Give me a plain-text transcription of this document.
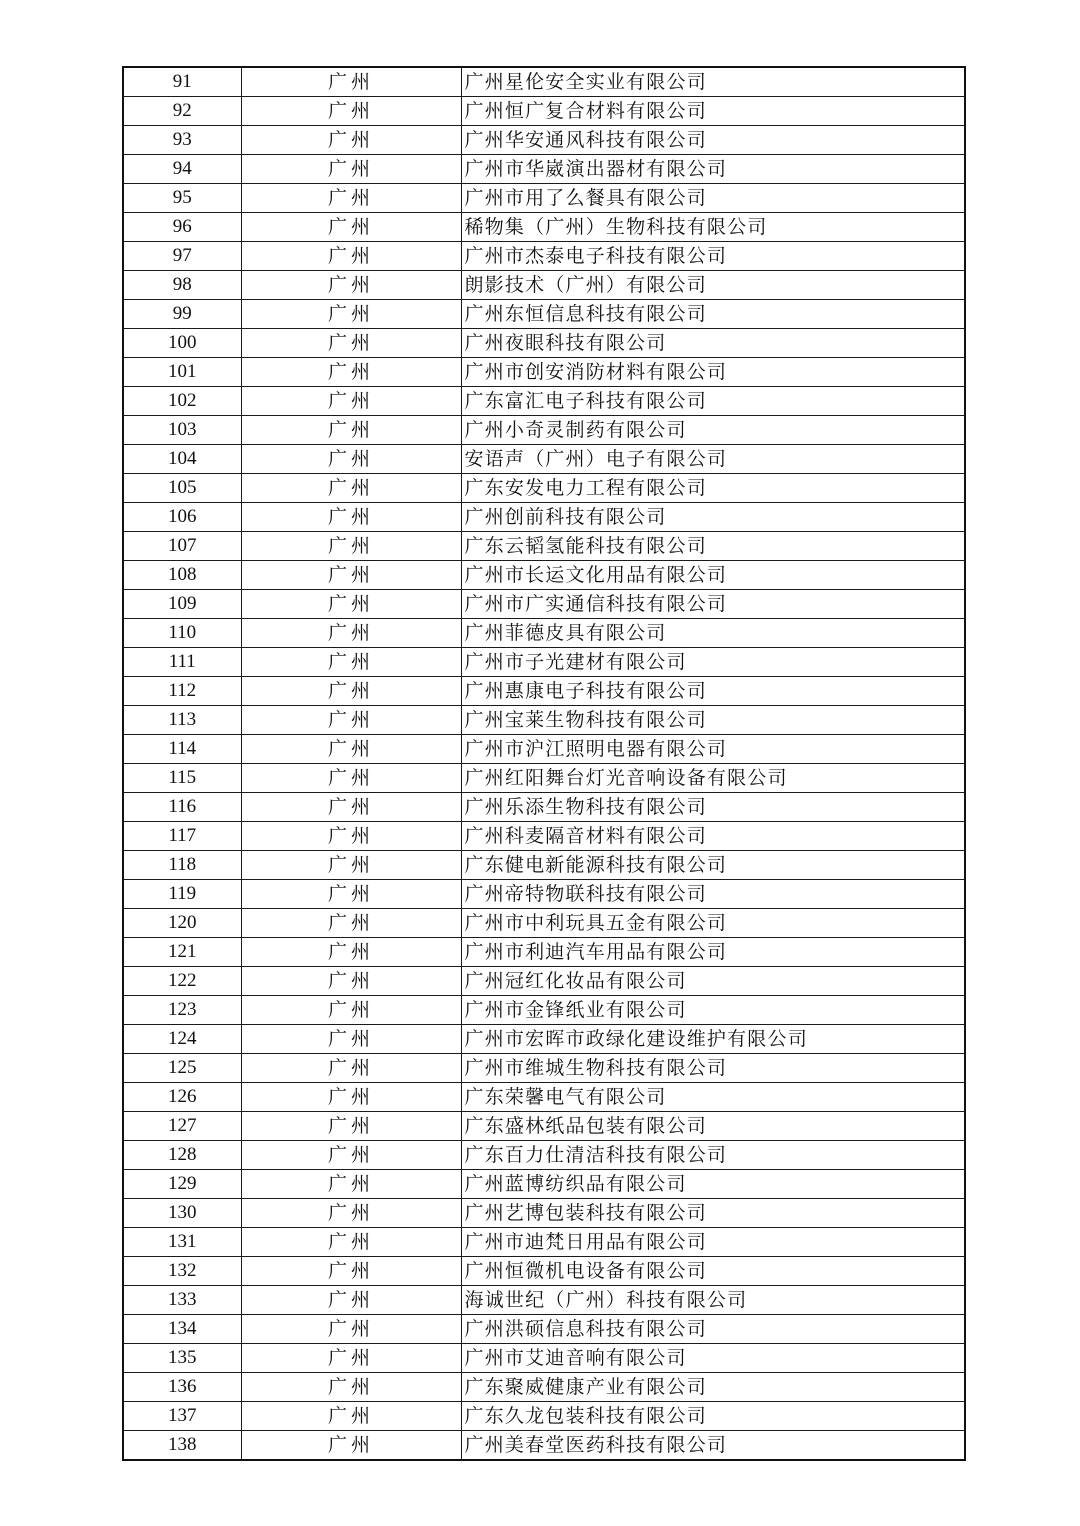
91	广州	广州星伦安全实业有限公司
92	广州	广州恒广复合材料有限公司
93	广州	广州华安通风科技有限公司
94	广州	广州市华崴演出器材有限公司
95	广州	广州市用了么餐具有限公司
96	广州	稀物集（广州）生物科技有限公司
97	广州	广州市杰泰电子科技有限公司
98	广州	朗影技术（广州）有限公司
99	广州	广州东恒信息科技有限公司
100	广州	广州夜眼科技有限公司
101	广州	广州市创安消防材料有限公司
102	广州	广东富汇电子科技有限公司
103	广州	广州小奇灵制药有限公司
104	广州	安语声（广州）电子有限公司
105	广州	广东安发电力工程有限公司
106	广州	广州创前科技有限公司
107	广州	广东云韬氢能科技有限公司
108	广州	广州市长运文化用品有限公司
109	广州	广州市广实通信科技有限公司
110	广州	广州菲德皮具有限公司
111	广州	广州市子光建材有限公司
112	广州	广州惠康电子科技有限公司
113	广州	广州宝莱生物科技有限公司
114	广州	广州市沪江照明电器有限公司
115	广州	广州红阳舞台灯光音响设备有限公司
116	广州	广州乐添生物科技有限公司
117	广州	广州科麦隔音材料有限公司
118	广州	广东健电新能源科技有限公司
119	广州	广州帝特物联科技有限公司
120	广州	广州市中利玩具五金有限公司
121	广州	广州市利迪汽车用品有限公司
122	广州	广州冠红化妆品有限公司
123	广州	广州市金锋纸业有限公司
124	广州	广州市宏晖市政绿化建设维护有限公司
125	广州	广州市维城生物科技有限公司
126	广州	广东荣馨电气有限公司
127	广州	广东盛林纸品包装有限公司
128	广州	广东百力仕清洁科技有限公司
129	广州	广州蓝博纺织品有限公司
130	广州	广州艺博包装科技有限公司
131	广州	广州市迪梵日用品有限公司
132	广州	广州恒微机电设备有限公司
133	广州	海诚世纪（广州）科技有限公司
134	广州	广州洪硕信息科技有限公司
135	广州	广州市艾迪音响有限公司
136	广州	广东聚威健康产业有限公司
137	广州	广东久龙包装科技有限公司
138	广州	广州美春堂医药科技有限公司
